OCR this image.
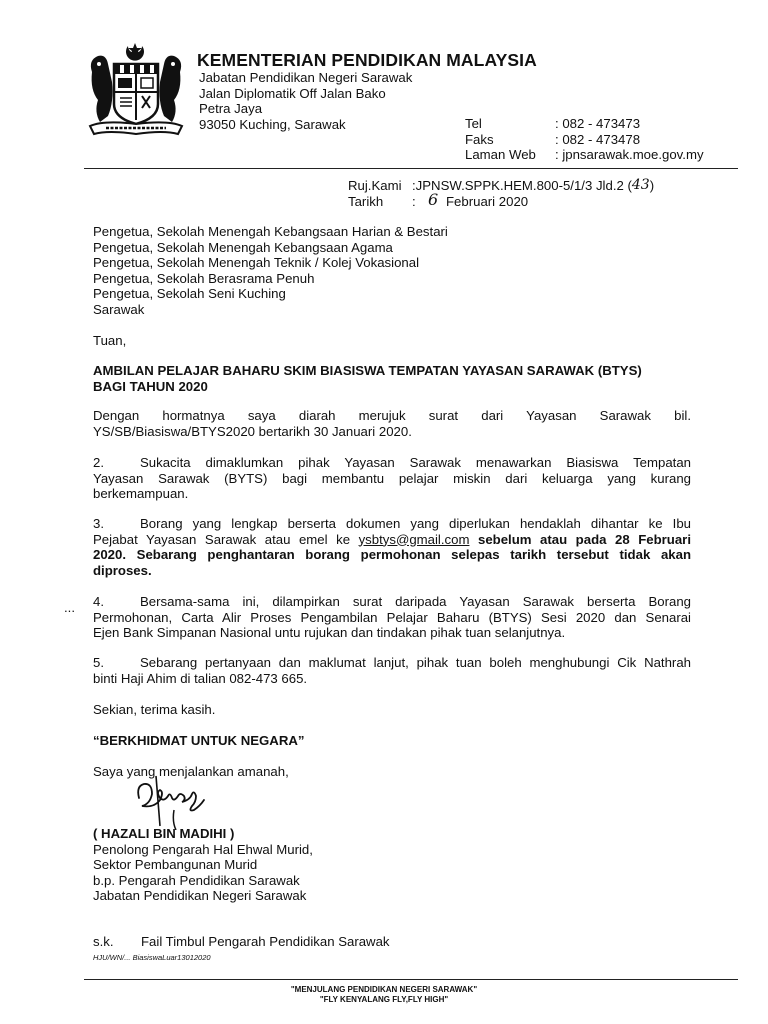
KEMENTERIAN PENDIDIKAN MALAYSIA
Jabatan Pendidikan Negeri Sarawak
Jalan Diplomatik Off Jalan Bako
Petra Jaya
93050 Kuching, Sarawak	Tel	: 082 - 473473
Faks	: 082 - 473478
Laman Web	: jpnsarawak.moe.gov.my
Ruj.Kami :JPNSW.SPPK.HEM.800-5/1/3 Jld.2 ( 43 )
Tarikh	: 6 Februari 2020
Pengetua, Sekolah Menengah Kebangsaan Harian & Bestari
Pengetua, Sekolah Menengah Kebangsaan Agama
Pengetua, Sekolah Menengah Teknik / Kolej Vokasional
Pengetua, Sekolah Berasrama Penuh
Pengetua, Sekolah Seni Kuching
Sarawak
Tuan,
AMBILAN PELAJAR BAHARU SKIM BIASISWA TEMPATAN YAYASAN SARAWAK (BTYS)
BAGI TAHUN 2020
Dengan hormatnya saya diarah merujuk surat dari Yayasan Sarawak bil.
YS/SB/Biasiswa/BTYS2020 bertarikh 30 Januari 2020.
2.	Sukacita dimaklumkan pihak Yayasan Sarawak menawarkan Biasiswa Tempatan
Yayasan Sarawak (BYTS) bagi membantu pelajar miskin dari keluarga yang kurang
berkemampuan.
3.	Borang yang lengkap berserta dokumen yang diperlukan hendaklah dihantar ke Ibu
Pejabat Yayasan Sarawak atau emel ke ysbtys@gmail.com sebelum atau pada 28 Februari
2020. Sebarang penghantaran borang permohonan selepas tarikh tersebut tidak akan
diproses.
... 4.	Bersama-sama ini, dilampirkan surat daripada Yayasan Sarawak berserta Borang
Permohonan, Carta Alir Proses Pengambilan Pelajar Baharu (BTYS) Sesi 2020 dan Senarai
Ejen Bank Simpanan Nasional untu rujukan dan tindakan pihak tuan selanjutnya.
5.	Sebarang pertanyaan dan maklumat lanjut, pihak tuan boleh menghubungi Cik Nathrah
binti Haji Ahim di talian 082-473 665.
Sekian, terima kasih.
“BERKHIDMAT UNTUK NEGARA”
Saya yang menjalankan amanah,
( HAZALI BIN MADIHI )
Penolong Pengarah Hal Ehwal Murid,
Sektor Pembangunan Murid
b.p. Pengarah Pendidikan Sarawak
Jabatan Pendidikan Negeri Sarawak
s.k.	Fail Timbul Pengarah Pendidikan Sarawak
HJU/WN/... BiasiswaLuar13012020
"MENJULANG PENDIDIKAN NEGERI SARAWAK"
"FLY KENYALANG FLY,FLY HIGH"
